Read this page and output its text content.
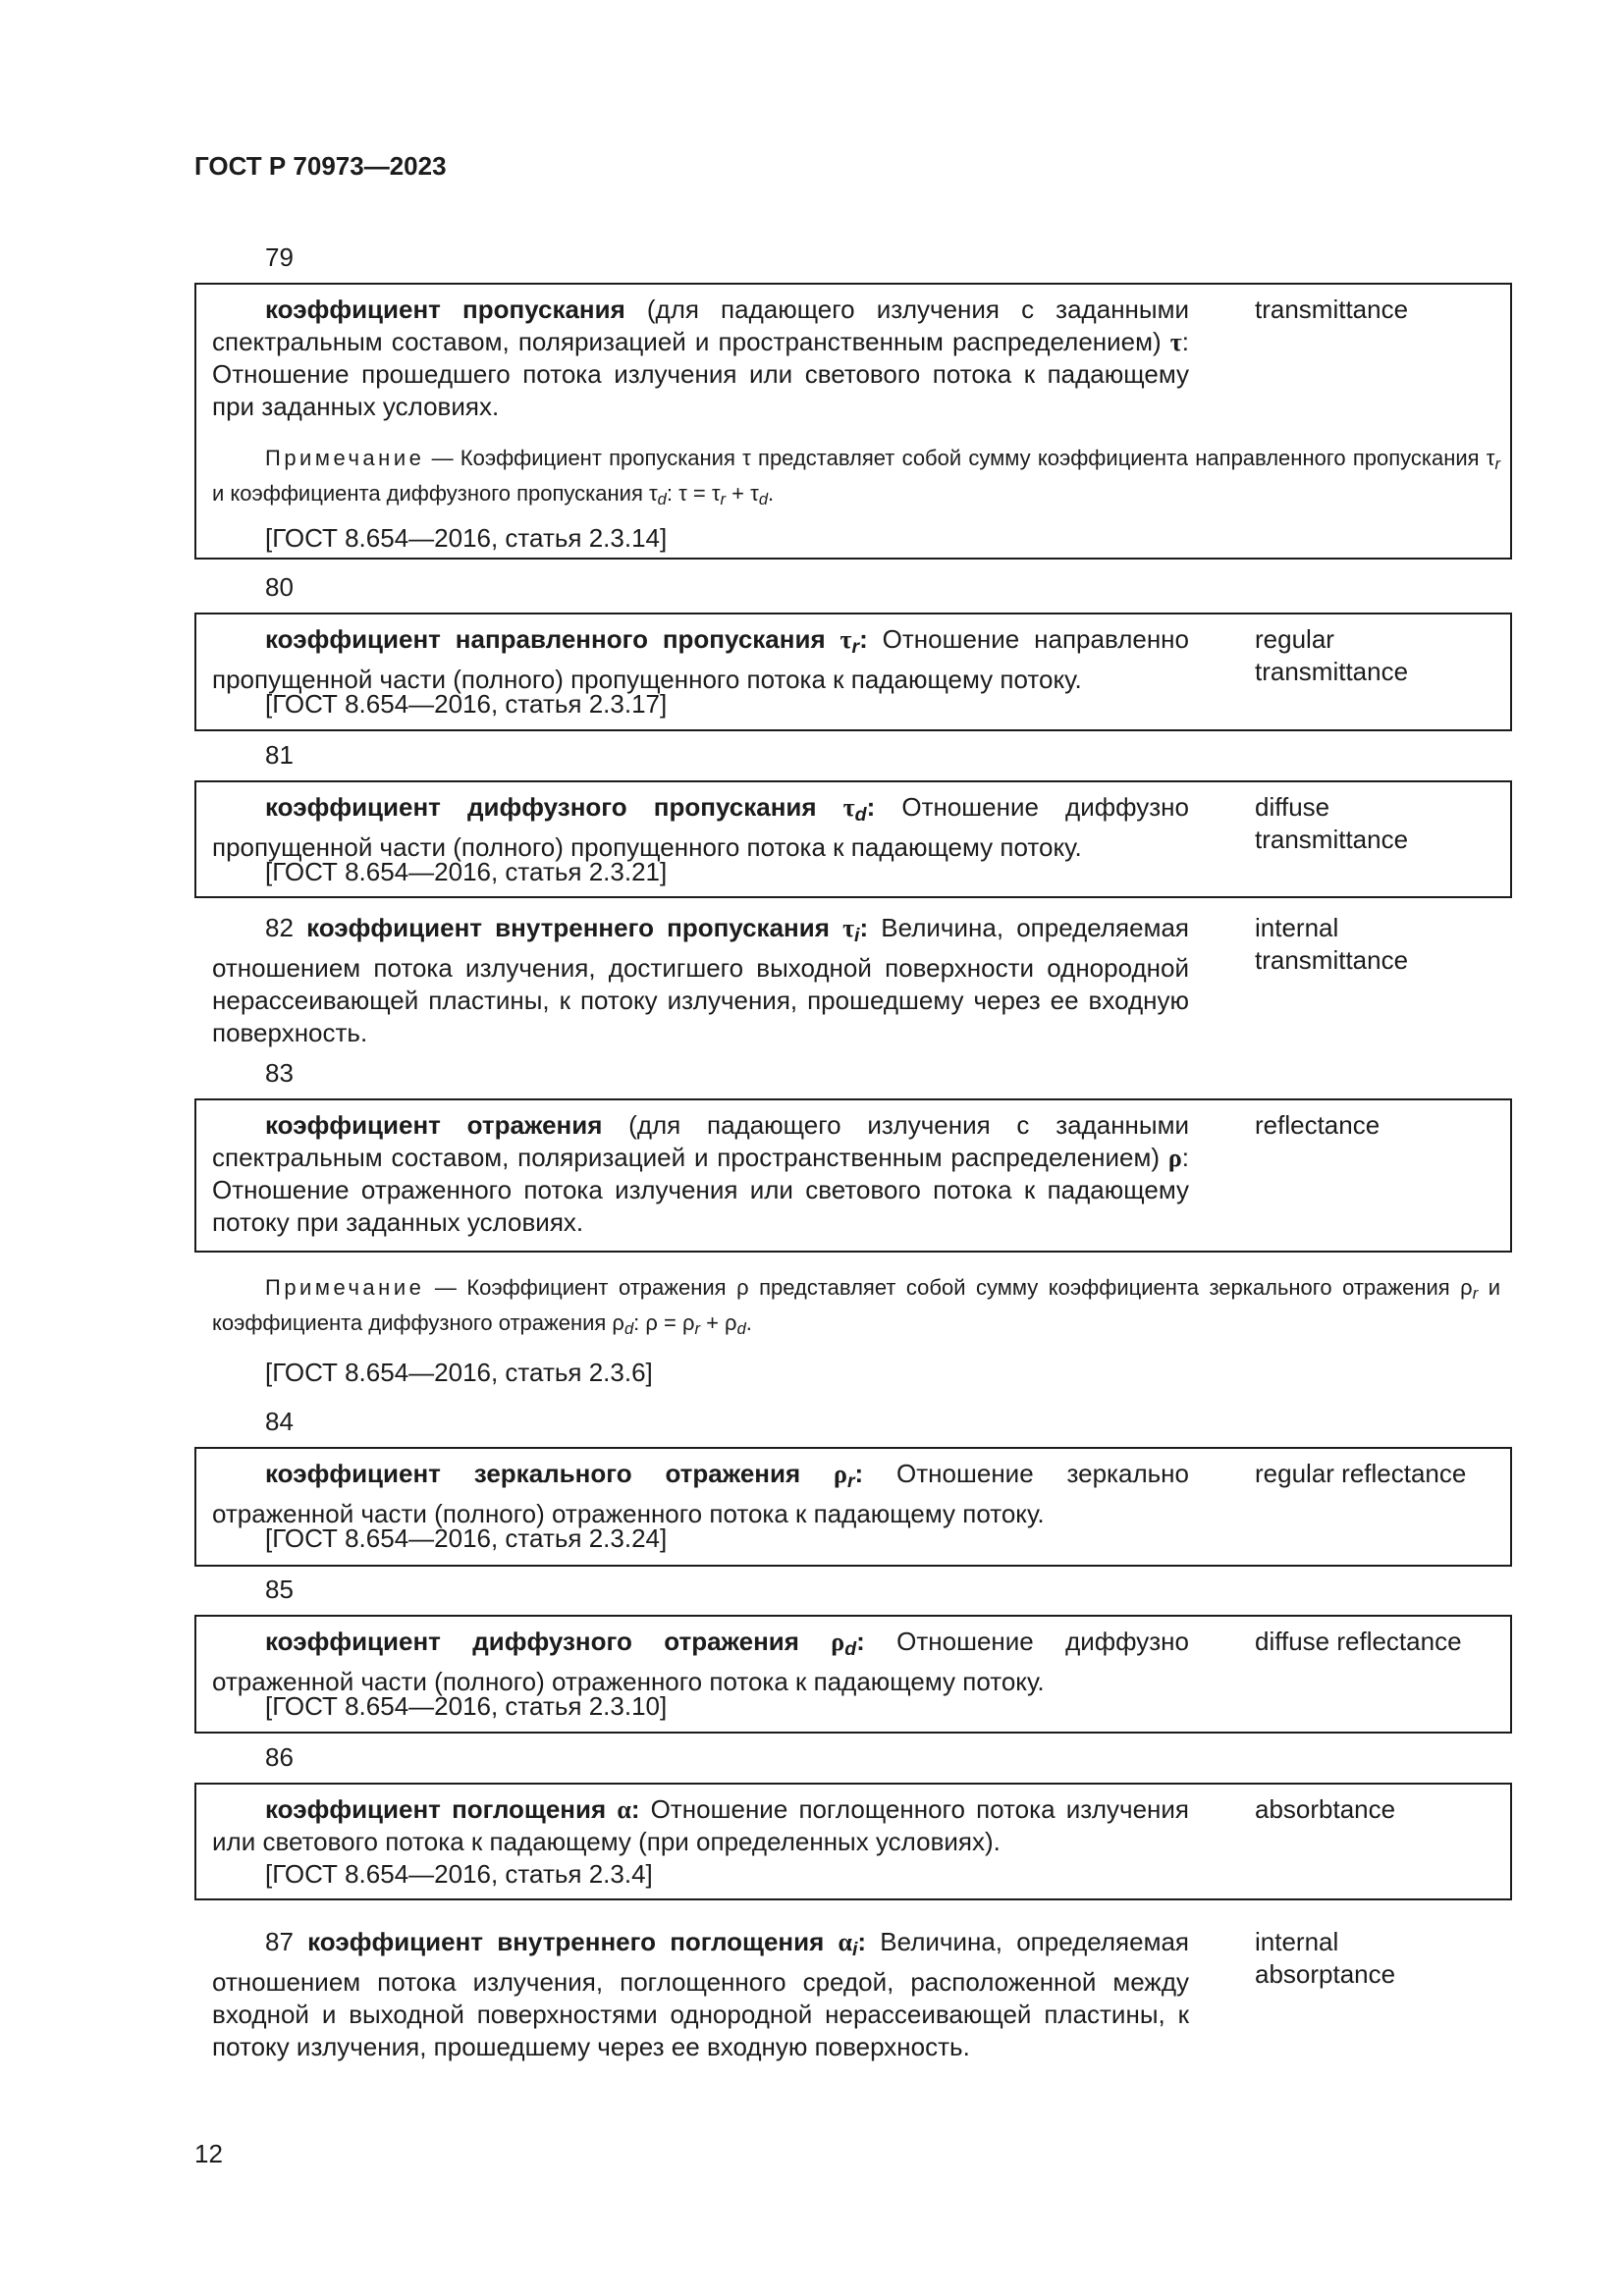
ГОСТ Р 70973—2023
79
коэффициент пропускания (для падающего излучения с заданными спектральным составом, поляризацией и пространственным распределением) τ: Отношение прошедшего потока излучения или светового потока к падающему при заданных условиях.
transmittance
Примечание — Коэффициент пропускания τ представляет собой сумму коэффициента направленного пропускания $\tau_r$ и коэффициента диффузного пропускания $\tau_d$: $\tau = \tau_r + \tau_d$.
[ГОСТ 8.654—2016, статья 2.3.14]
80
коэффициент направленного пропускания $\tau_r$: Отношение направленно пропущенной части (полного) пропущенного потока к падающему потоку.
regular
transmittance
[ГОСТ 8.654—2016, статья 2.3.17]
81
коэффициент диффузного пропускания $\tau_d$: Отношение диффузно пропущенной части (полного) пропущенного потока к падающему потоку.
diffuse
transmittance
[ГОСТ 8.654—2016, статья 2.3.21]
82 коэффициент внутреннего пропускания $\tau_i$: Величина, определяемая отношением потока излучения, достигшего выходной поверхности однородной нерассеивающей пластины, к потоку излучения, прошедшему через ее входную поверхность.
internal
transmittance
83
коэффициент отражения (для падающего излучения с заданными спектральным составом, поляризацией и пространственным распределением) ρ: Отношение отраженного потока излучения или светового потока к падающему потоку при заданных условиях.
reflectance
Примечание — Коэффициент отражения ρ представляет собой сумму коэффициента зеркального отражения $\rho_r$ и коэффициента диффузного отражения $\rho_d$: $\rho = \rho_r + \rho_d$.
[ГОСТ 8.654—2016, статья 2.3.6]
84
коэффициент зеркального отражения $\rho_r$: Отношение зеркально отраженной части (полного) отраженного потока к падающему потоку.
regular reflectance
[ГОСТ 8.654—2016, статья 2.3.24]
85
коэффициент диффузного отражения $\rho_d$: Отношение диффузно отраженной части (полного) отраженного потока к падающему потоку.
diffuse reflectance
[ГОСТ 8.654—2016, статья 2.3.10]
86
коэффициент поглощения α: Отношение поглощенного потока излучения или светового потока к падающему (при определенных условиях).
absorbtance
[ГОСТ 8.654—2016, статья 2.3.4]
87 коэффициент внутреннего поглощения $\alpha_i$: Величина, определяемая отношением потока излучения, поглощенного средой, расположенной между входной и выходной поверхностями однородной нерассеивающей пластины, к потоку излучения, прошедшему через ее входную поверхность.
internal
absorptance
12
